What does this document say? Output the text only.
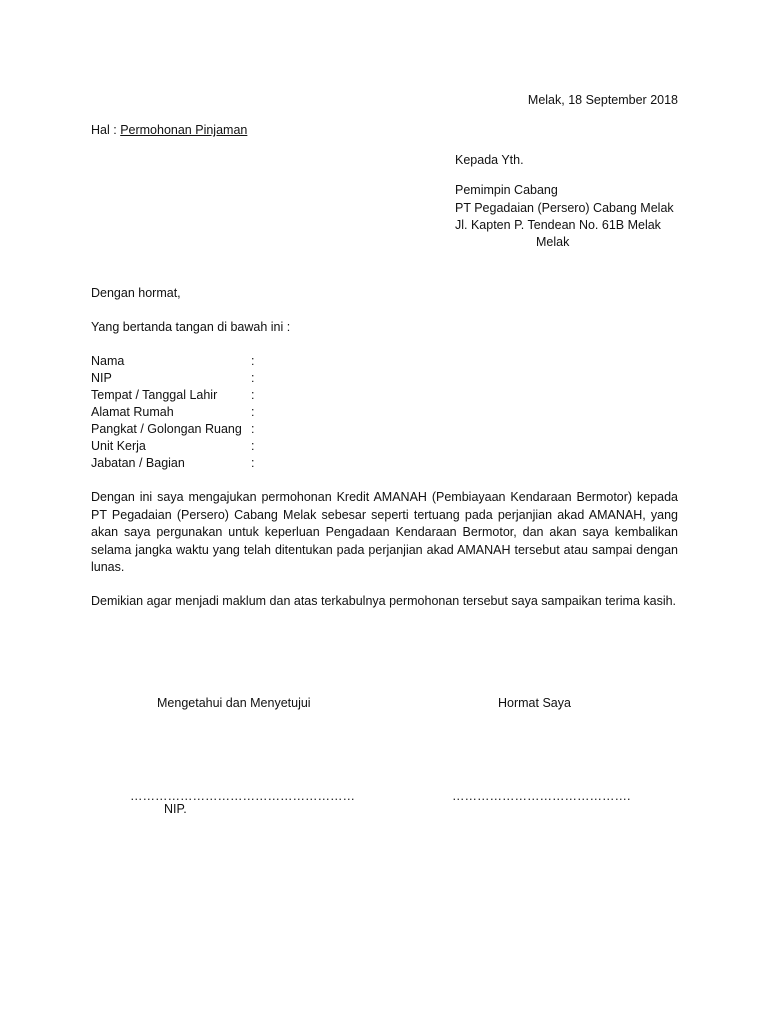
Melak, 18 September 2018
Hal : Permohonan Pinjaman
Kepada Yth.
Pemimpin Cabang
PT Pegadaian (Persero) Cabang Melak
Jl. Kapten P. Tendean No. 61B Melak
Melak
Dengan hormat,
Yang bertanda tangan di bawah ini :
Nama	:
NIP	:
Tempat / Tanggal Lahir	:
Alamat Rumah	:
Pangkat / Golongan Ruang :
Unit Kerja	:
Jabatan / Bagian	:
Dengan ini saya mengajukan permohonan Kredit AMANAH (Pembiayaan Kendaraan Bermotor) kepada PT Pegadaian (Persero) Cabang Melak sebesar seperti tertuang pada perjanjian akad AMANAH, yang akan saya pergunakan untuk keperluan Pengadaan Kendaraan Bermotor, dan akan saya kembalikan selama jangka waktu yang telah ditentukan pada perjanjian akad AMANAH tersebut atau sampai dengan lunas.
Demikian agar menjadi maklum dan atas terkabulnya permohonan tersebut saya sampaikan terima kasih.
Mengetahui dan Menyetujui	Hormat Saya
………………………………………………	…………………………………….
NIP.
